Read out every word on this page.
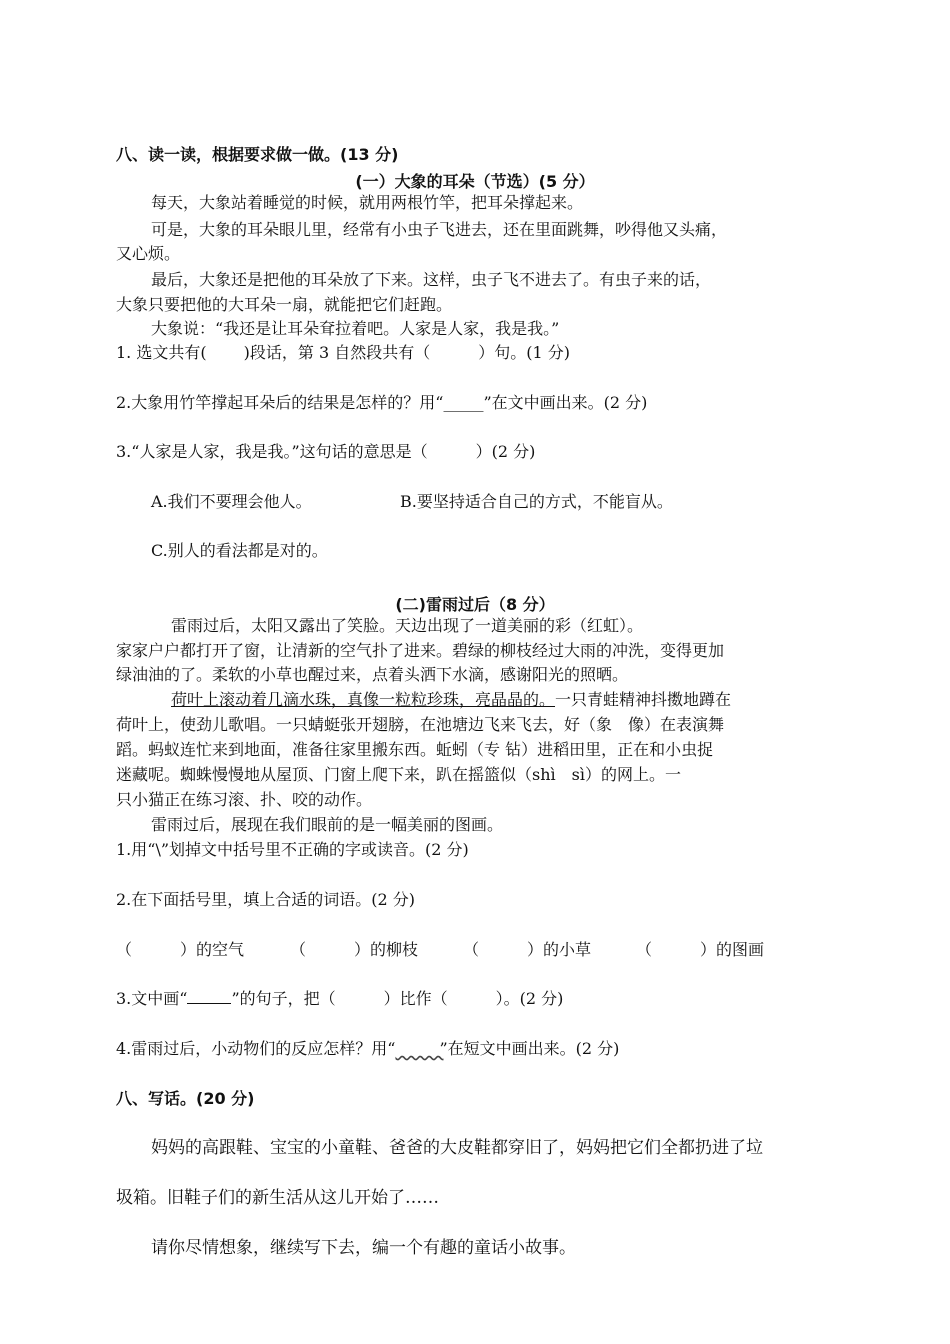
八、读一读，根据要求做一做。(13 分)
(一）大象的耳朵（节选）(5 分）
每天，大象站着睡觉的时候，就用两根竹竿，把耳朵撑起来。
可是，大象的耳朵眼儿里，经常有小虫子飞进去，还在里面跳舞，吵得他又头痛，
又心烦。
最后，大象还是把他的耳朵放了下来。这样，虫子飞不进去了。有虫子来的话，
大象只要把他的大耳朵一扇，就能把它们赶跑。
大象说：“我还是让耳朵耷拉着吧。人家是人家，我是我。”
1. 选文共有(　　 )段话，第 3 自然段共有（　　　）句。(1 分)
2.大象用竹竿撑起耳朵后的结果是怎样的？用“_____”在文中画出来。(2 分)
3.“人家是人家，我是我。”这句话的意思是（　　　）(2 分)
A.我们不要理会他人。	B.要坚持适合自己的方式，不能盲从。
C.别人的看法都是对的。
(二)雷雨过后（8 分）
雷雨过后，太阳又露出了笑脸。天边出现了一道美丽的彩（红虹）。
家家户户都打开了窗，让清新的空气扑了进来。碧绿的柳枝经过大雨的冲洗，变得更加
绿油油的了。柔软的小草也醒过来，点着头洒下水滴，感谢阳光的照晒。
荷叶上滚动着几滴水珠，真像一粒粒珍珠，亮晶晶的。一只青蛙精神抖擞地蹲在
荷叶上，使劲儿歌唱。一只蜻蜓张开翅膀，在池塘边飞来飞去，好（象　像）在表演舞
蹈。蚂蚁连忙来到地面，准备往家里搬东西。蚯蚓（专 钻）进稻田里，正在和小虫捉
迷藏呢。蜘蛛慢慢地从屋顶、门窗上爬下来，趴在摇篮似（shì　sì）的网上。一
只小猫正在练习滚、扑、咬的动作。
雷雨过后，展现在我们眼前的是一幅美丽的图画。
1.用“\”划掉文中括号里不正确的字或读音。(2 分)
2.在下面括号里，填上合适的词语。(2 分)
（　　　）的空气	（　　　）的柳枝	（　　　）的小草	（　　　）的图画
3.文中画“	”的句子，把（　　　）比作（　　　）。(2 分)
4.雷雨过后，小动物们的反应怎样？用“　　　	”在短文中画出来。(2 分)
八、写话。(20 分)
妈妈的高跟鞋、宝宝的小童鞋、爸爸的大皮鞋都穿旧了，妈妈把它们全都扔进了垃
圾箱。旧鞋子们的新生活从这儿开始了……
请你尽情想象，继续写下去，编一个有趣的童话小故事。
